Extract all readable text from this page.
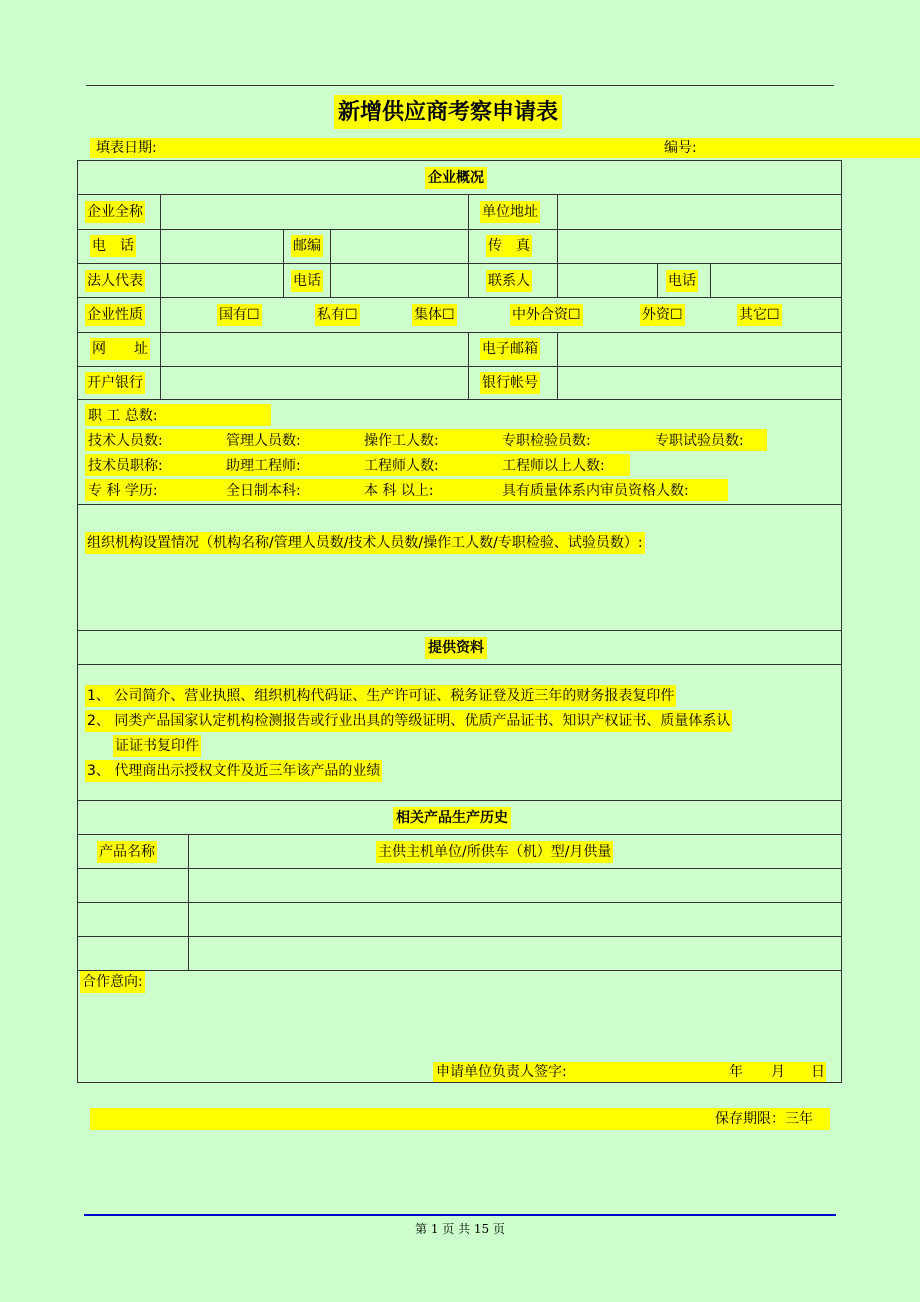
新增供应商考察申请表
填表日期:	编号:
企业概况
企业全称	单位地址
电　话	邮编	传　真
法人代表	电话	联系人	电话
企业性质	国有☐	私有☐	集体☐	中外合资☐	外资☐	其它☐
网　　址	电子邮箱
开户银行	银行帐号
职 工 总数:
技术人员数:	管理人员数:	操作工人数:	专职检验员数:	专职试验员数:
技术员职称:	助理工程师:	工程师人数:	工程师以上人数:
专 科 学历:	全日制本科:	本 科 以上:	具有质量体系内审员资格人数:
组织机构设置情况（机构名称/管理人员数/技术人员数/操作工人数/专职检验、试验员数）:
提供资料
1、 公司简介、营业执照、组织机构代码证、生产许可证、税务证登及近三年的财务报表复印件
2、 同类产品国家认定机构检测报告或行业出具的等级证明、优质产品证书、知识产权证书、质量体系认
证证书复印件
3、 代理商出示授权文件及近三年该产品的业绩
相关产品生产历史
产品名称	主供主机单位/所供车（机）型/月供量
合作意向:
申请单位负责人签字:	年 月 日
保存期限：三年
第 1 页 共 15 页
